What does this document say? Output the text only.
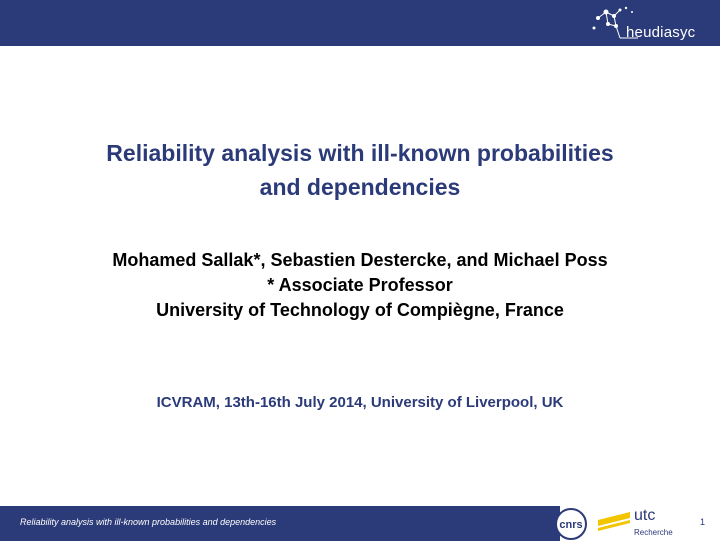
heudiasyc
Reliability analysis with ill-known probabilities
and dependencies
Mohamed Sallak*, Sebastien Destercke, and Michael Poss
* Associate Professor
University of Technology of Compiègne, France
ICVRAM, 13th-16th July 2014, University of Liverpool, UK
Reliability analysis with ill-known probabilities and dependencies	cnrs
utc
Recherche
1
